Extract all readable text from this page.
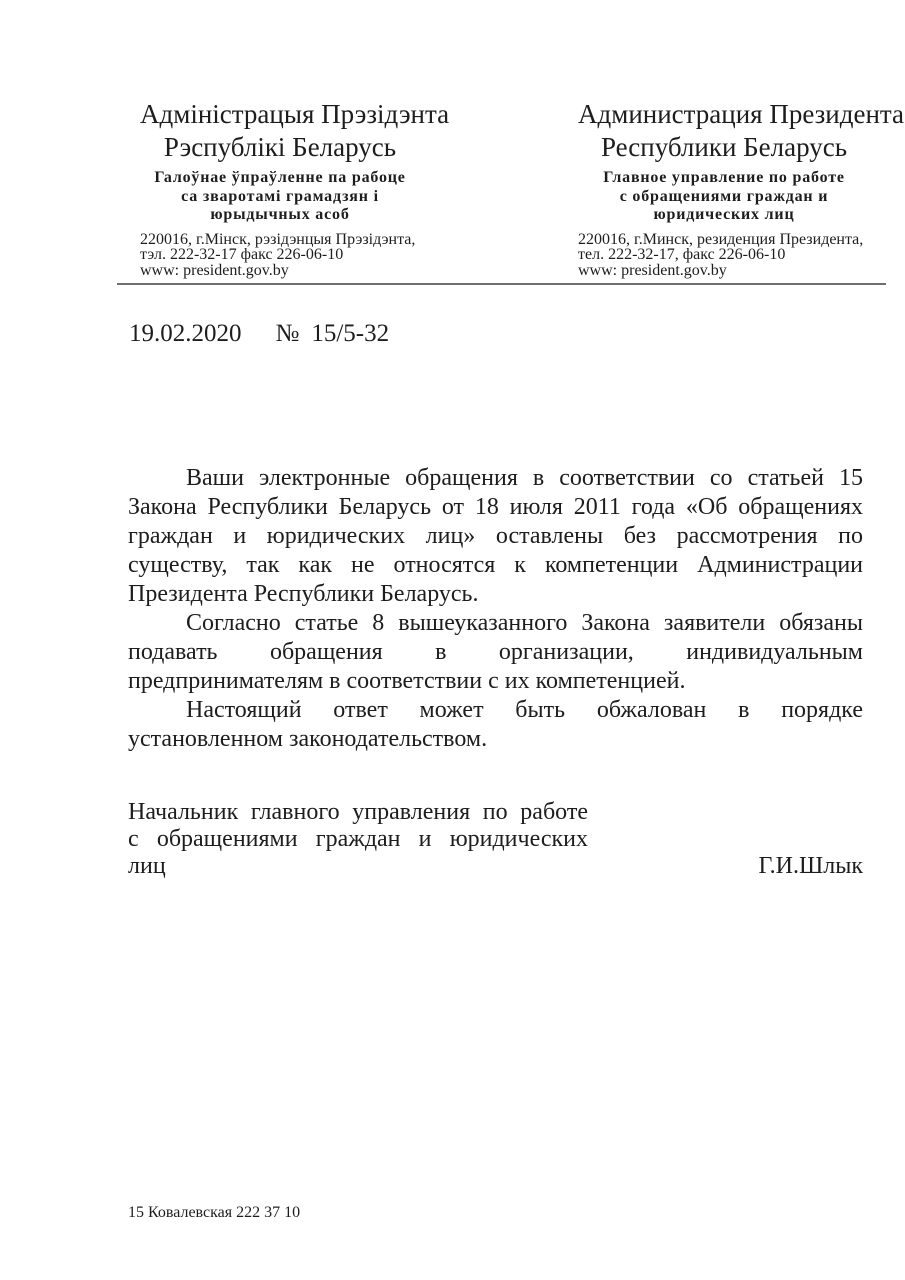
Адміністрацыя Прэзідэнта
Рэспублікі Беларусь
Галоўнае ўпраўленне па рабоце
са зваротамі грамадзян і
юрыдычных асоб
220016, г.Мінск, рэзідэнцыя Прэзідэнта,
тэл. 222-32-17 факс 226-06-10
www: president.gov.by
Администрация Президента
Республики Беларусь
Главное управление по работе
с обращениями граждан и
юридических лиц
220016, г.Минск, резиденция Президента,
тел. 222-32-17, факс 226-06-10
www: president.gov.by
19.02.2020 № 15/5-32
Ваши электронные обращения в соответствии со статьей 15
Закона Республики Беларусь от 18 июля 2011 года «Об обращениях
граждан и юридических лиц» оставлены без рассмотрения по
существу, так как не относятся к компетенции Администрации
Президента Республики Беларусь.
Согласно статье 8 вышеуказанного Закона заявители обязаны
подавать обращения в организации, индивидуальным
предпринимателям в соответствии с их компетенцией.
Настоящий ответ может быть обжалован в порядке
установленном законодательством.
Начальник главного управления по работе
с обращениями граждан и юридических
лиц	Г.И.Шлык
15 Ковалевская 222 37 10
